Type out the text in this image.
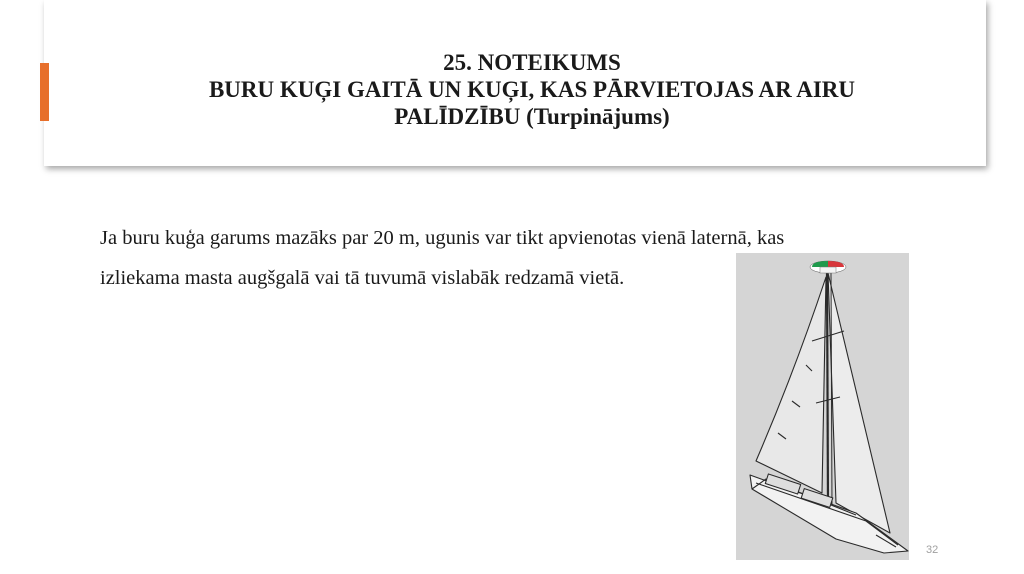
25. NOTEIKUMS
BURU KUĢI GAITĀ UN KUĢI, KAS PĀRVIETOJAS AR AIRU
PALĪDZĪBU (Turpinājums)
Ja buru kuģa garums mazāks par 20 m, ugunis var tikt apvienotas vienā laternā, kas
izliekama masta augšgalā vai tā tuvumā vislabāk redzamā vietā.
32
